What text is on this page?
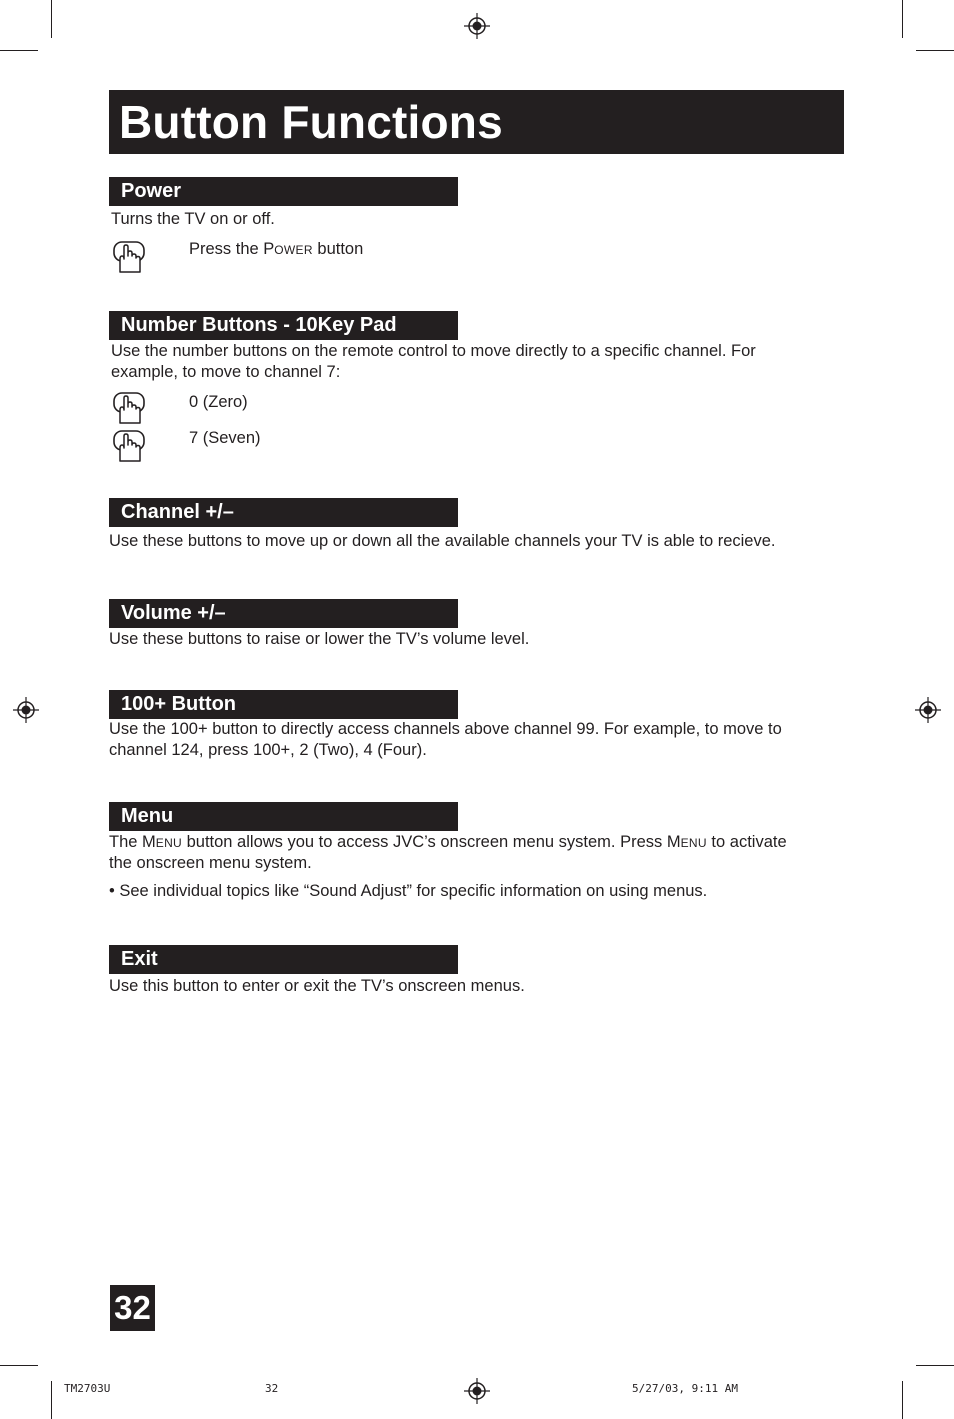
Button Functions
Power
Turns the TV on or off.
Press the POWER button
Number Buttons - 10Key Pad
Use the number buttons on the remote control to move directly to a specific channel. For
example, to move to channel 7:
0 (Zero)
7 (Seven)
Channel +/–
Use these buttons to move up or down all the available channels your TV is able to recieve.
Volume +/–
Use these buttons to raise or lower the TV’s volume level.
100+ Button
Use the 100+ button to directly access channels above channel 99. For example, to move to
channel 124, press 100+, 2 (Two), 4 (Four).
Menu
The MENU button allows you to access JVC’s onscreen menu system. Press MENU to activate
the onscreen menu system.
• See individual topics like “Sound Adjust” for specific information on using menus.
Exit
Use this button to enter or exit the TV’s onscreen menus.
32
TM2703U	32	5/27/03, 9:11 AM
